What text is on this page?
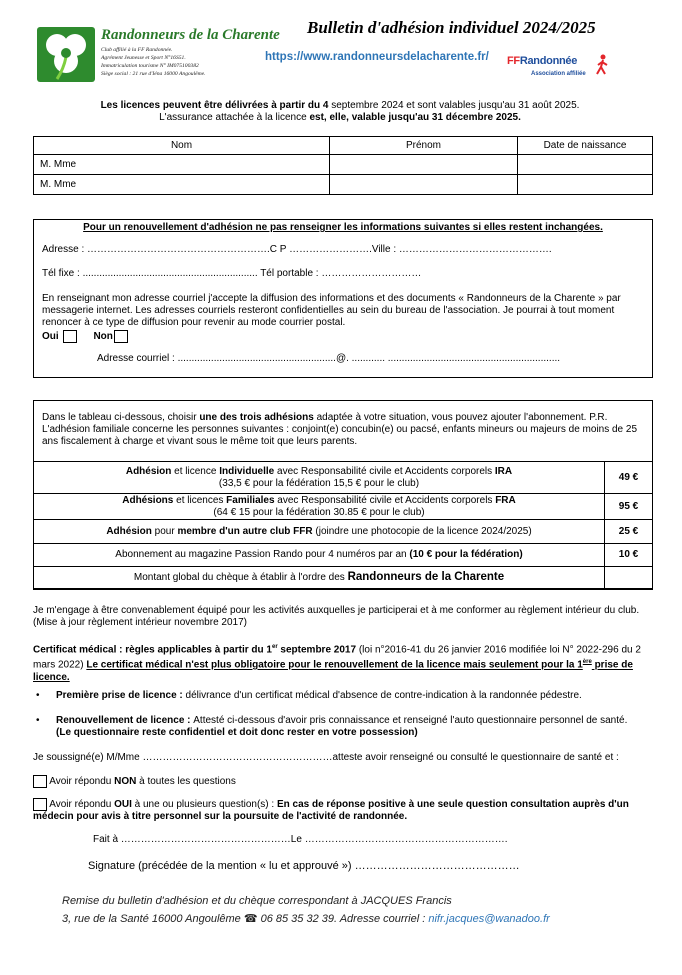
Randonneurs de la Charente
Club affilié à la FF Randonnée.
Agrément Jeunesse et Sport N°16S51.
Immatriculation tourisme N° IM075100382
Siège social : 21 rue d'Iéna 16000 Angoulême.
Bulletin d'adhésion individuel 2024/2025
https://www.randonneursdelacharente.fr/ FFRandonnée
Association affiliée
Les licences peuvent être délivrées à partir du 4 septembre 2024 et sont valables jusqu'au 31 août 2025.
L'assurance attachée à la licence est, elle, valable jusqu'au 31 décembre 2025.
Nom	Prénom	Date de naissance
M. Mme		
M. Mme		
Pour un renouvellement d'adhésion ne pas renseigner les informations suivantes si elles restent inchangées.
Adresse : ……………………………………………….C P …………………….Ville : ……………………………………….
Tél fixe : ............................................................... Tél portable : …………………………
En renseignant mon adresse courriel j'accepte la diffusion des informations et des documents « Randonneurs de la Charente » par messagerie internet. Les adresses courriels resteront confidentielles au sein du bureau de l'association. Je pourrai à tout moment renoncer à ce type de diffusion pour revenir au mode courrier postal.
Oui	Non
Adresse courriel : .........................................................@. ............ ..............................................................
Dans le tableau ci-dessous, choisir une des trois adhésions adaptée à votre situation, vous pouvez ajouter l'abonnement. P.R. L'adhésion familiale concerne les personnes suivantes : conjoint(e) concubin(e) ou pacsé, enfants mineurs ou majeurs de moins de 25 ans fiscalement à charge et vivant sous le même toit que leurs parents.
Adhésion et licence Individuelle avec Responsabilité civile et Accidents corporels IRA
(33,5 € pour la fédération 15,5 € pour le club)	49 €

Adhésions et licences Familiales avec Responsabilité civile et Accidents corporels FRA
(64 € 15 pour la fédération 30.85 € pour le club)	95 €
Adhésion pour membre d'un autre club FFR (joindre une photocopie de la licence 2024/2025)	25 €
Abonnement au magazine Passion Rando pour 4 numéros par an (10 € pour la fédération)	10 €
Montant global du chèque à établir à l'ordre des Randonneurs de la Charente	
Je m'engage à être convenablement équipé pour les activités auxquelles je participerai et à me conformer au règlement intérieur du club. (Mise à jour règlement intérieur novembre 2017)
Certificat médical : règles applicables à partir du 1er septembre 2017 (loi n°2016-41 du 26 janvier 2016 modifiée loi N° 2022-296 du 2 mars 2022) Le certificat médical n'est plus obligatoire pour le renouvellement de la licence mais seulement pour la 1ère prise de licence.
• Première prise de licence : délivrance d'un certificat médical d'absence de contre-indication à la randonnée pédestre.
• Renouvellement de licence : Attesté ci-dessous d'avoir pris connaissance et renseigné l'auto questionnaire personnel de santé.
(Le questionnaire reste confidentiel et doit donc rester en votre possession)
Je soussigné(e) M/Mme …………………………………………………atteste avoir renseigné ou consulté le questionnaire de santé et :
Avoir répondu NON à toutes les questions
Avoir répondu OUI à une ou plusieurs question(s) : En cas de réponse positive à une seule question consultation auprès d'un médecin pour avis à titre personnel sur la poursuite de l'activité de randonnée.
Fait à ……………………………………………Le …………………………………………………….
Signature (précédée de la mention « lu et approuvé ») ………………………………………
Remise du bulletin d'adhésion et du chèque correspondant à JACQUES Francis
3, rue de la Santé 16000 Angoulême ☎ 06 85 35 32 39. Adresse courriel : nifr.jacques@wanadoo.fr
